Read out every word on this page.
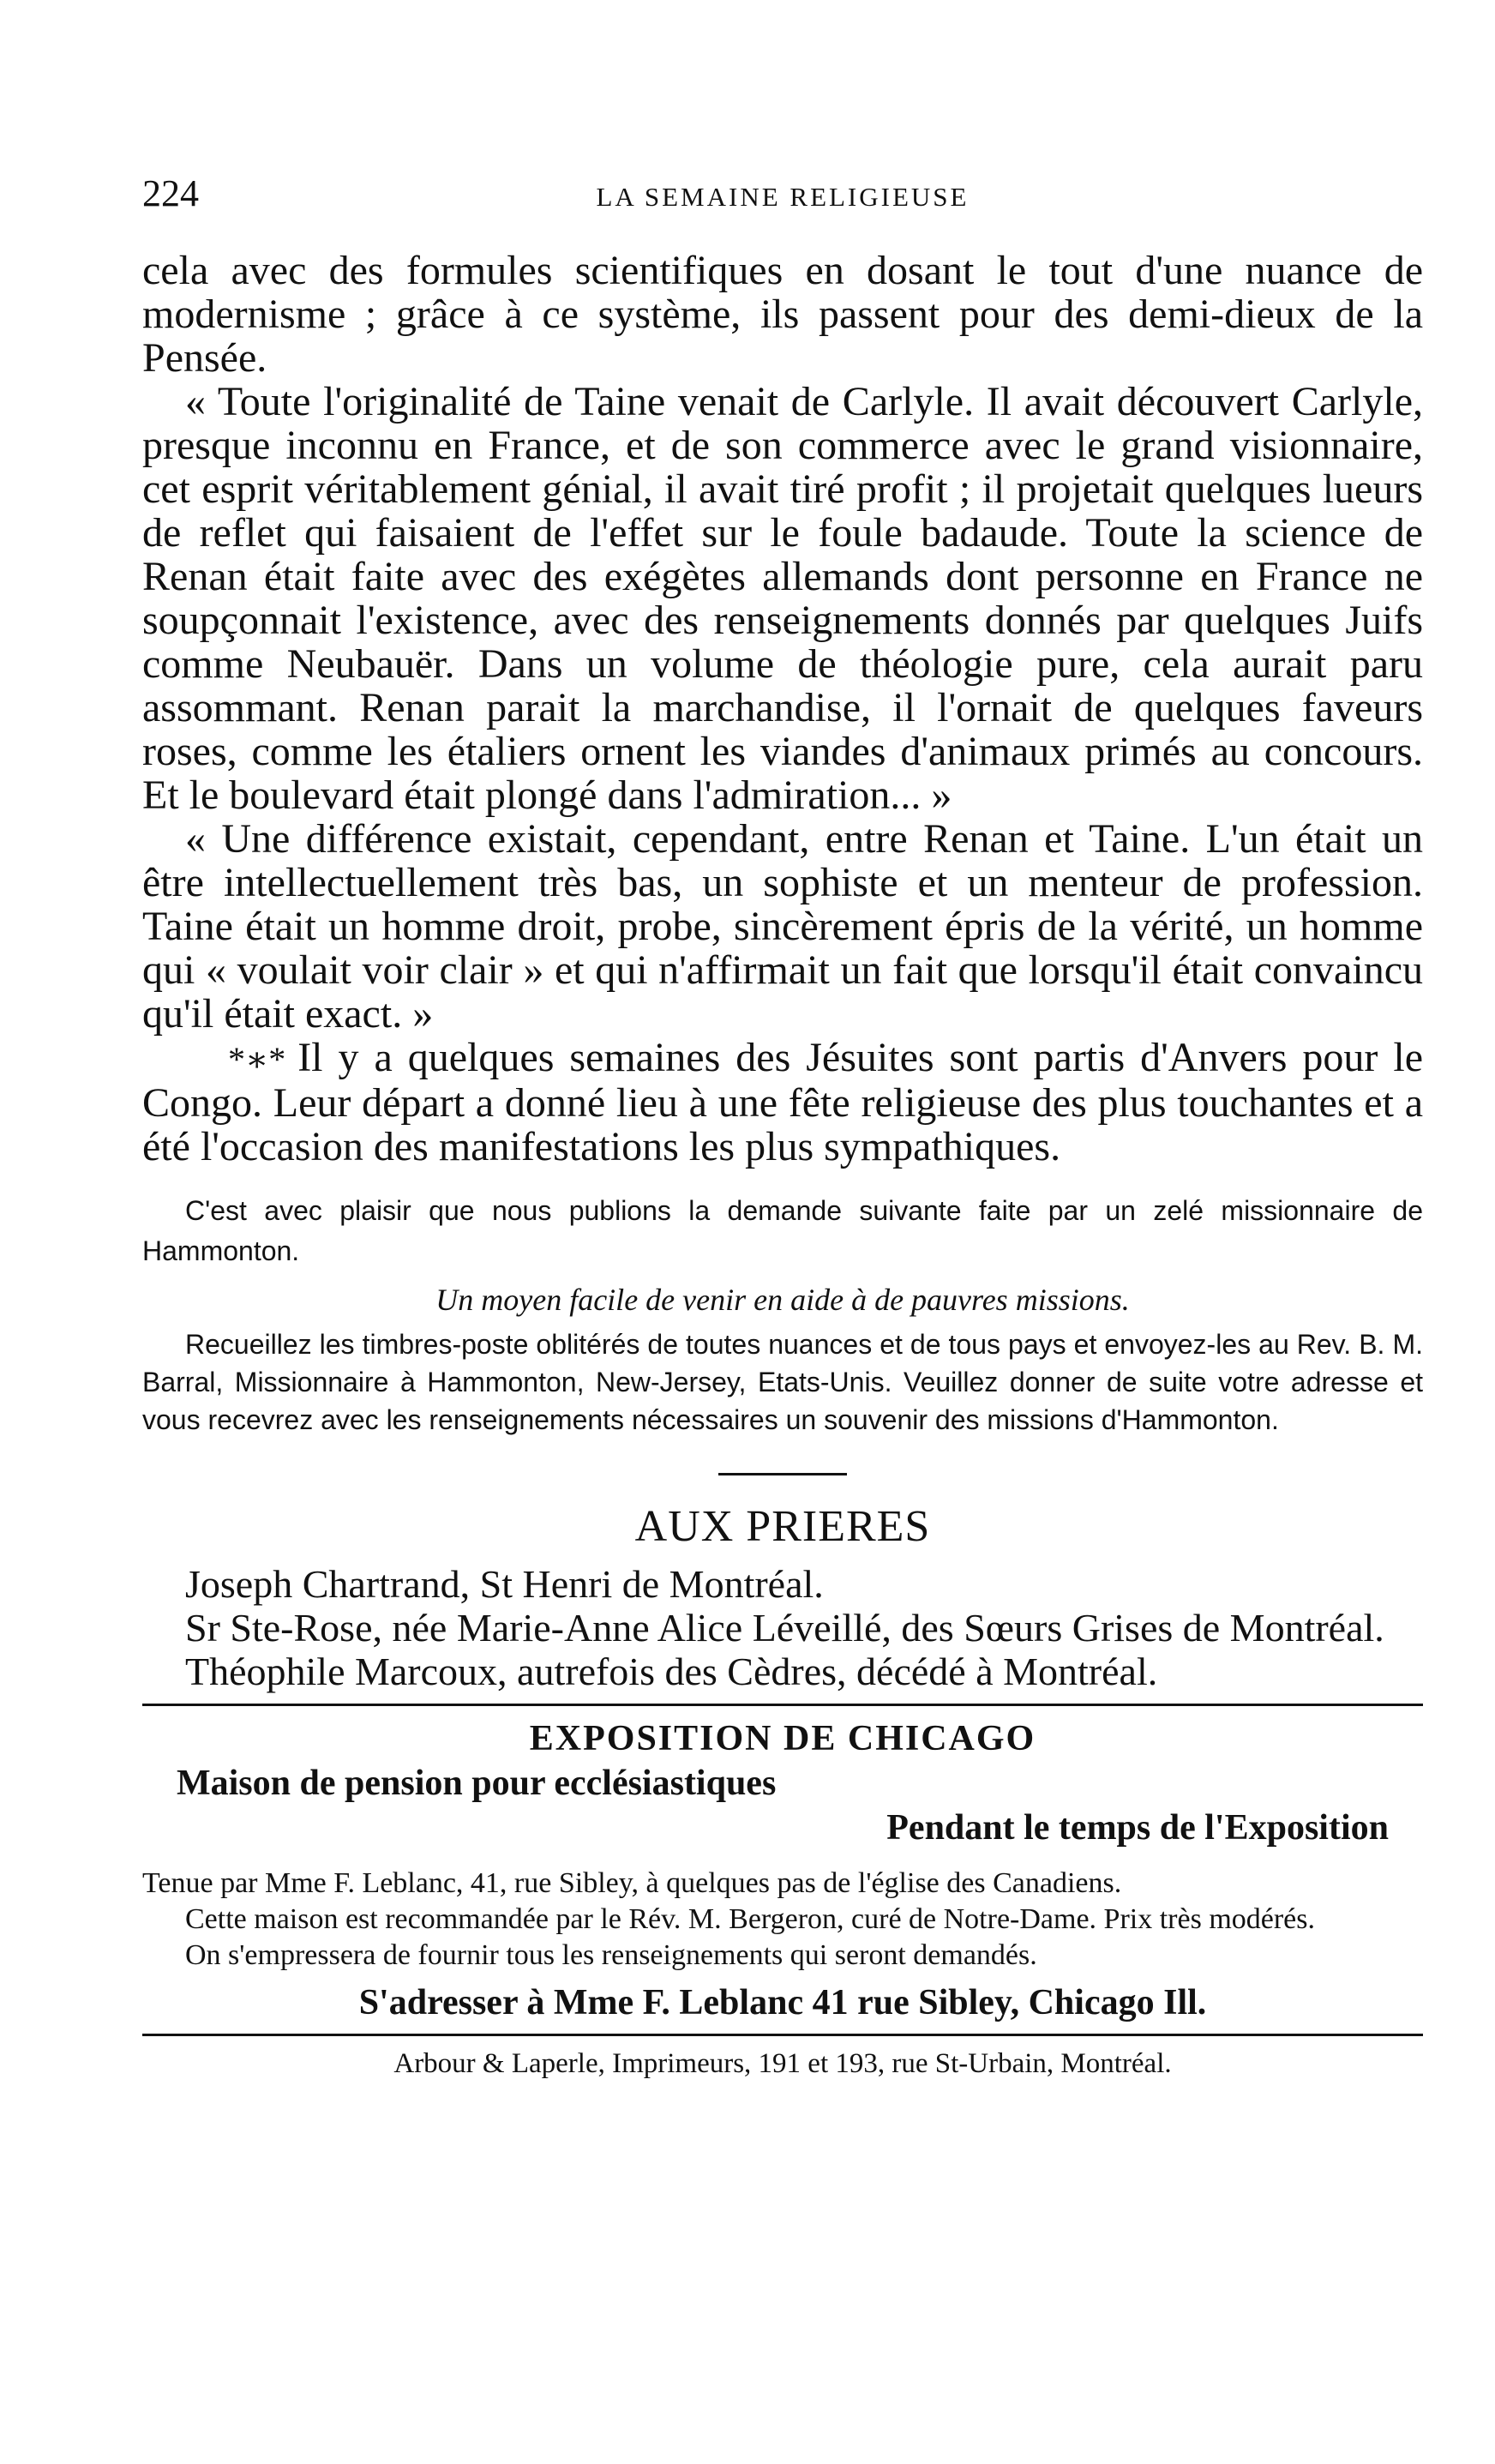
224	LA SEMAINE RELIGIEUSE

cela avec des formules scientifiques en dosant le tout d'une nuance de modernisme ; grâce à ce système, ils passent pour des demi-dieux de la Pensée.

« Toute l'originalité de Taine venait de Carlyle. Il avait découvert Carlyle, presque inconnu en France, et de son commerce avec le grand visionnaire, cet esprit véritablement génial, il avait tiré profit ; il projetait quelques lueurs de reflet qui faisaient de l'effet sur le foule badaude. Toute la science de Renan était faite avec des exégètes allemands dont personne en France ne soupçonnait l'existence, avec des renseignements donnés par quelques Juifs comme Neubauër. Dans un volume de théologie pure, cela aurait paru assommant. Renan parait la marchandise, il l'ornait de quelques faveurs roses, comme les étaliers ornent les viandes d'animaux primés au concours. Et le boulevard était plongé dans l'admiration... »

« Une différence existait, cependant, entre Renan et Taine. L'un était un être intellectuellement très bas, un sophiste et un menteur de profession. Taine était un homme droit, probe, sincèrement épris de la vérité, un homme qui « voulait voir clair » et qui n'affirmait un fait que lorsqu'il était convaincu qu'il était exact. »

*∗* Il y a quelques semaines des Jésuites sont partis d'Anvers pour le Congo. Leur départ a donné lieu à une fête religieuse des plus touchantes et a été l'occasion des manifestations les plus sympathiques.

C'est avec plaisir que nous publions la demande suivante faite par un zelé missionnaire de Hammonton.

Un moyen facile de venir en aide à de pauvres missions.

Recueillez les timbres-poste oblitérés de toutes nuances et de tous pays et envoyez-les au Rev. B. M. Barral, Missionnaire à Hammonton, New-Jersey, Etats-Unis. Veuillez donner de suite votre adresse et vous recevrez avec les renseignements nécessaires un souvenir des missions d'Hammonton.

AUX PRIERES

Joseph Chartrand, St Henri de Montréal.

Sr Ste-Rose, née Marie-Anne Alice Léveillé, des Sœurs Grises de Montréal.

Théophile Marcoux, autrefois des Cèdres, décédé à Montréal.

EXPOSITION DE CHICAGO

Maison de pension pour ecclésiastiques

Pendant le temps de l'Exposition

Tenue par Mme F. Leblanc, 41, rue Sibley, à quelques pas de l'église des Canadiens.

Cette maison est recommandée par le Rév. M. Bergeron, curé de Notre-Dame. Prix très modérés.

On s'empressera de fournir tous les renseignements qui seront demandés.

S'adresser à Mme F. Leblanc 41 rue Sibley, Chicago Ill.

Arbour & Laperle, Imprimeurs, 191 et 193, rue St-Urbain, Montréal.
